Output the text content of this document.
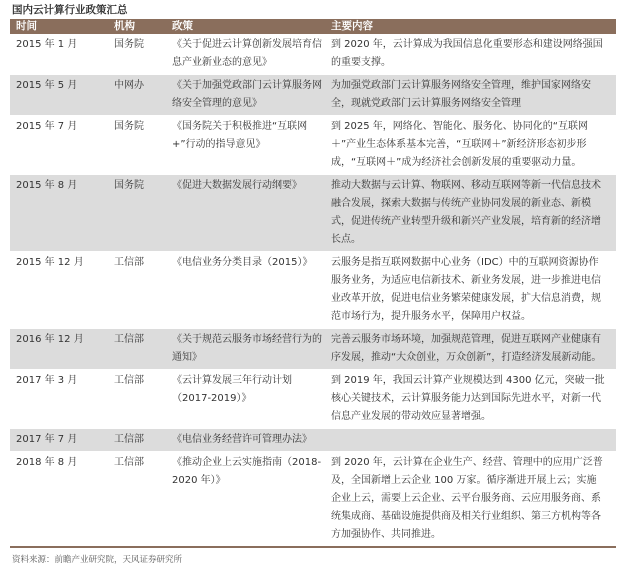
国内云计算行业政策汇总
时间	机构	政策	主要内容
2015 年 1 月	国务院	《关于促进云计算创新发展培育信息产业新业态的意见》	到 2020 年，云计算成为我国信息化重要形态和建设网络强国的重要支撑。
2015 年 5 月	中网办	《关于加强党政部门云计算服务网络安全管理的意见》	为加强党政部门云计算服务网络安全管理，维护国家网络安全，现就党政部门云计算服务网络安全管理
2015 年 7 月	国务院	《国务院关于积极推进“互联网+”行动的指导意见》	到 2025 年，网络化、智能化、服务化、协同化的“互联网＋”产业生态体系基本完善，“互联网＋”新经济形态初步形成，“互联网＋”成为经济社会创新发展的重要驱动力量。
2015 年 8 月	国务院	《促进大数据发展行动纲要》	推动大数据与云计算、物联网、移动互联网等新一代信息技术融合发展，探索大数据与传统产业协同发展的新业态、新模式，促进传统产业转型升级和新兴产业发展，培育新的经济增长点。
2015 年 12 月	工信部	《电信业务分类目录（2015）》	云服务是指互联网数据中心业务（IDC）中的互联网资源协作服务业务，为适应电信新技术、新业务发展，进一步推进电信业改革开放，促进电信业务繁荣健康发展，扩大信息消费，规范市场行为，提升服务水平，保障用户权益。
2016 年 12 月	工信部	《关于规范云服务市场经营行为的通知》	完善云服务市场环境，加强规范管理，促进互联网产业健康有序发展，推动“大众创业，万众创新”，打造经济发展新动能。
2017 年 3 月	工信部	《云计算发展三年行动计划（2017-2019）》	到 2019 年，我国云计算产业规模达到 4300 亿元，突破一批核心关键技术，云计算服务能力达到国际先进水平，对新一代信息产业发展的带动效应显著增强。
2017 年 7 月	工信部	《电信业务经营许可管理办法》	
2018 年 8 月	工信部	《推动企业上云实施指南（2018-2020 年）》	到 2020 年，云计算在企业生产、经营、管理中的应用广泛普及，全国新增上云企业 100 万家。循序渐进开展上云；实施企业上云，需要上云企业、云平台服务商、云应用服务商、系统集成商、基础设施提供商及相关行业组织、第三方机构等各方加强协作、共同推进。
资料来源：前瞻产业研究院，天风证券研究所
